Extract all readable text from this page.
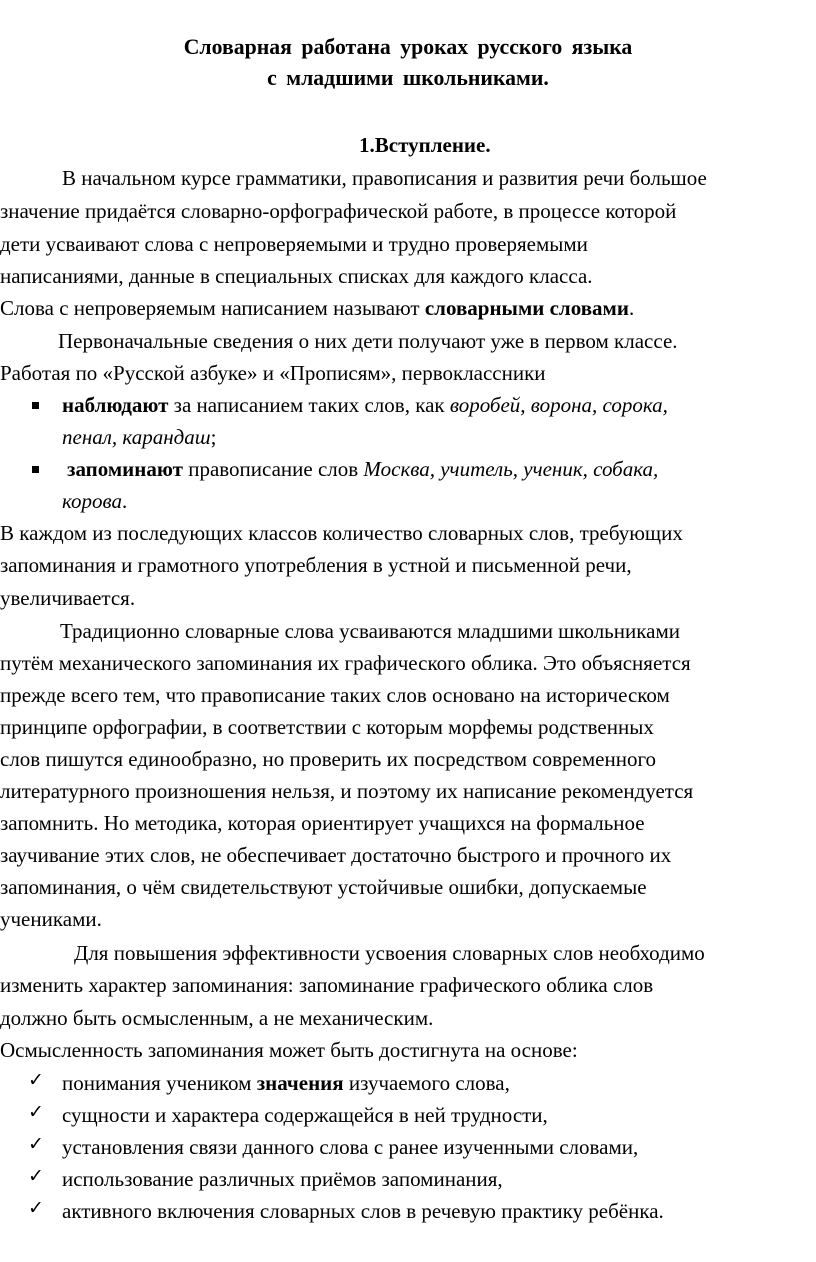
Словарная работана уроках русского языка
с младшими школьниками.
1.Вступление.
В начальном курсе грамматики, правописания и развития речи большое
значение придаётся словарно-орфографической работе, в процессе которой
дети усваивают слова с непроверяемыми и трудно проверяемыми
написаниями, данные в специальных списках для каждого класса.
Слова с непроверяемым написанием называют словарными словами.
Первоначальные сведения о них дети получают уже в первом классе.
Работая по «Русской азбуке» и «Прописям», первоклассники
наблюдают за написанием таких слов, как воробей, ворона, сорока,
пенал, карандаш;
запоминают правописание слов Москва, учитель, ученик, собака,
корова.
В каждом из последующих классов количество словарных слов, требующих
запоминания и грамотного употребления в устной и письменной речи,
увеличивается.
Традиционно словарные слова усваиваются младшими школьниками
путём механического запоминания их графического облика. Это объясняется
прежде всего тем, что правописание таких слов основано на историческом
принципе орфографии, в соответствии с которым морфемы родственных
слов пишутся единообразно, но проверить их посредством современного
литературного произношения нельзя, и поэтому их написание рекомендуется
запомнить. Но методика, которая ориентирует учащихся на формальное
заучивание этих слов, не обеспечивает достаточно быстрого и прочного их
запоминания, о чём свидетельствуют устойчивые ошибки, допускаемые
учениками.
Для повышения эффективности усвоения словарных слов необходимо
изменить характер запоминания: запоминание графического облика слов
должно быть осмысленным, а не механическим.
Осмысленность запоминания может быть достигнута на основе:
✓ понимания учеником значения изучаемого слова,
✓ сущности и характера содержащейся в ней трудности,
✓ установления связи данного слова с ранее изученными словами,
✓ использование различных приёмов запоминания,
✓ активного включения словарных слов в речевую практику ребёнка.
